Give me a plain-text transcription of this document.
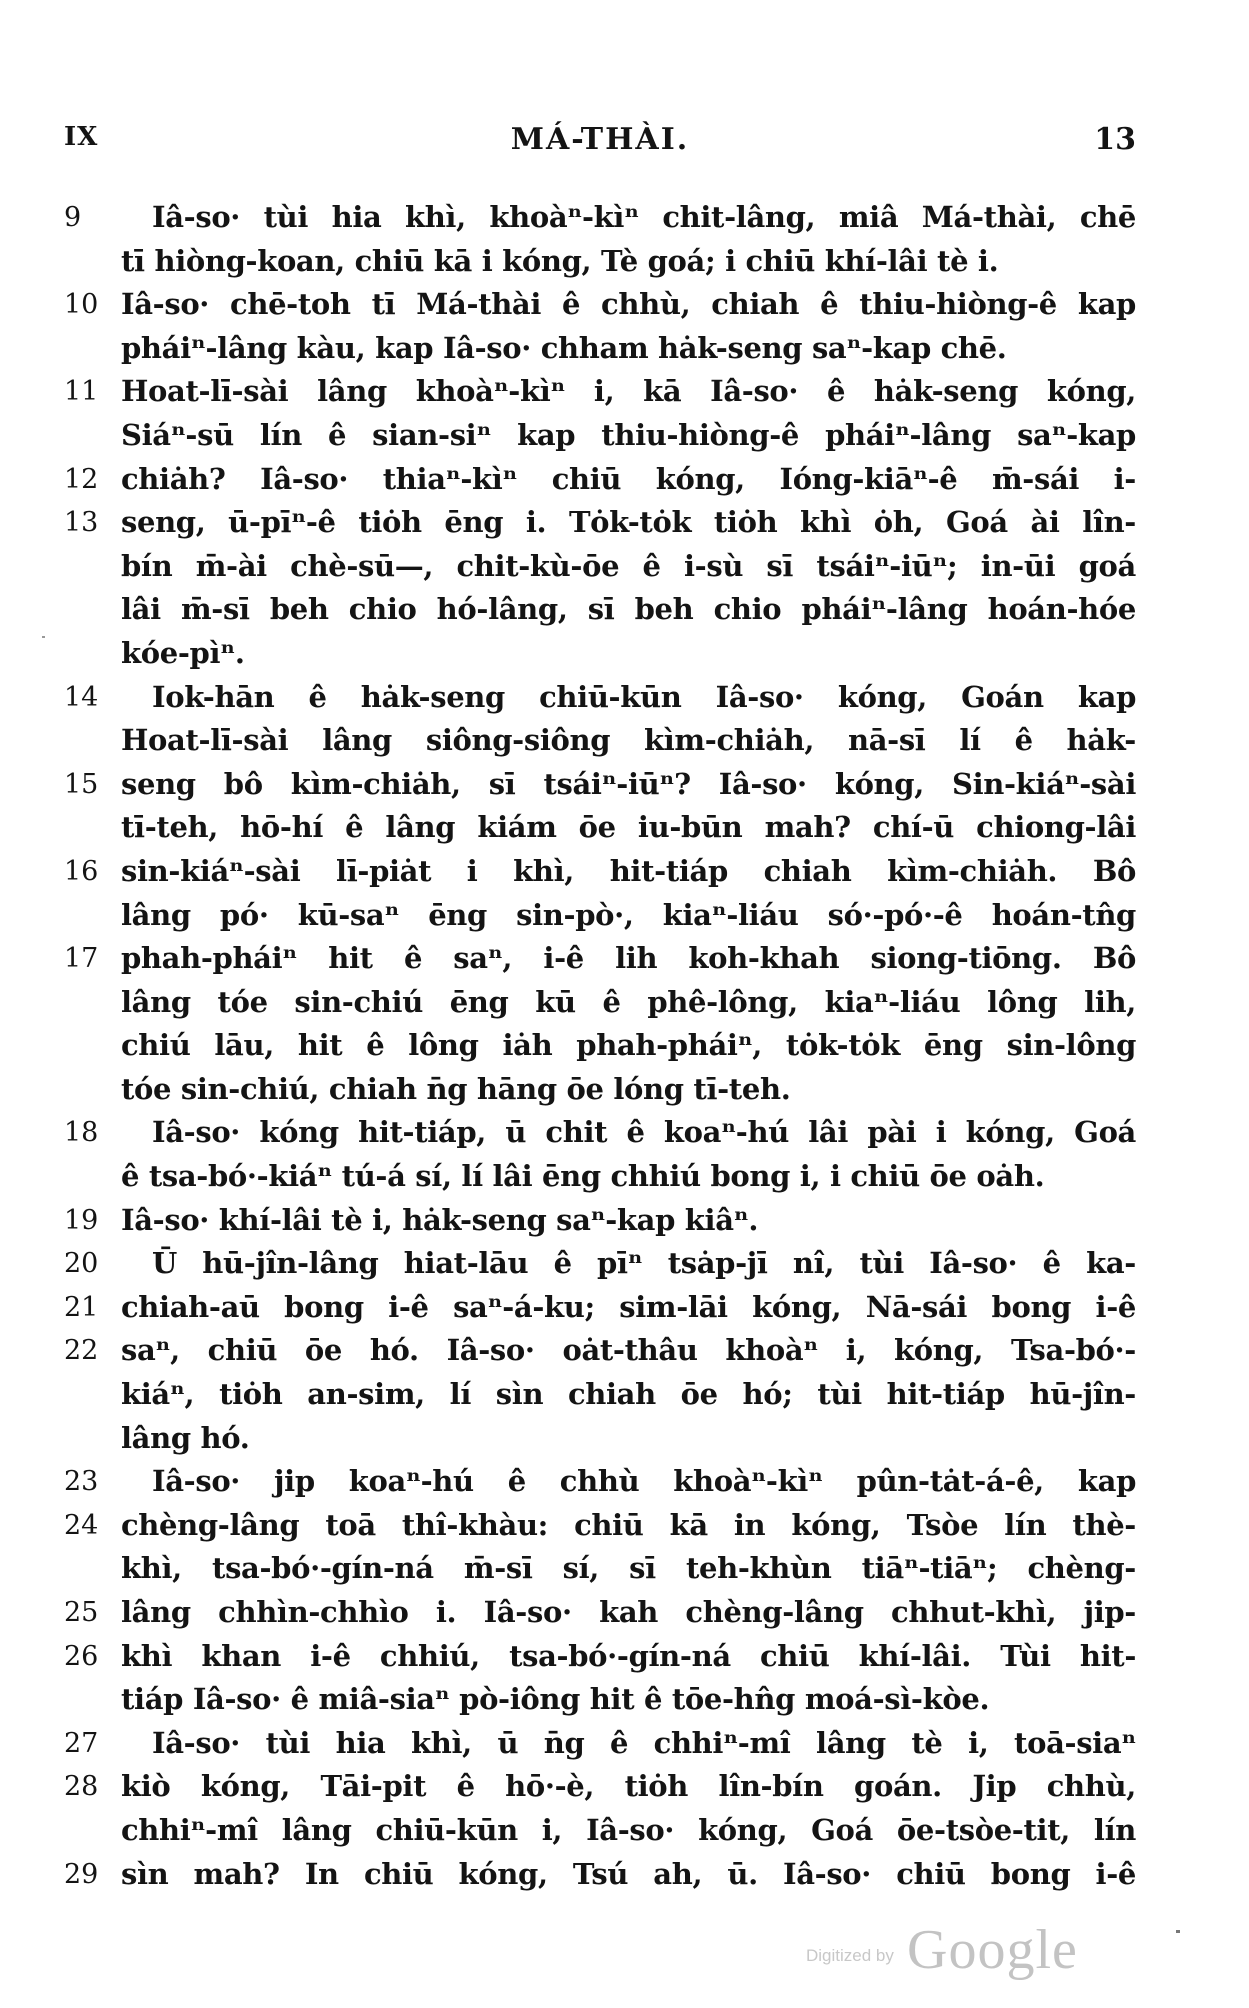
IX	MÁ-THÀI.	13
9	Iâ-so· tùi hia khì, khoàⁿ-kìⁿ chit-lâng, miâ Má-thài, chē
tī hiòng-koan, chiū kā i kóng, Tè goá; i chiū khí-lâi tè i.
10 Iâ-so· chē-toh tī Má-thài ê chhù, chiah ê thiu-hiòng-ê kap
pháiⁿ-lâng kàu, kap Iâ-so· chham hȧk-seng saⁿ-kap chē.
11 Hoat-lī-sài lâng khoàⁿ-kìⁿ i, kā Iâ-so· ê hȧk-seng kóng,
Siáⁿ-sū lín ê sian-siⁿ kap thiu-hiòng-ê pháiⁿ-lâng saⁿ-kap
12 chiȧh? Iâ-so· thiaⁿ-kìⁿ chiū kóng, Ióng-kiāⁿ-ê m̄-sái i-
13 seng, ū-pīⁿ-ê tiȯh ēng i. Tȯk-tȯk tiȯh khì ȯh, Goá ài lîn-
bín m̄-ài chè-sū—, chit-kù-ōe ê i-sù sī tsáiⁿ-iūⁿ; in-ūi goá
lâi m̄-sī beh chio hó-lâng, sī beh chio pháiⁿ-lâng hoán-hóe
kóe-pìⁿ.
14	Iok-hān ê hȧk-seng chiū-kūn Iâ-so· kóng, Goán kap
Hoat-lī-sài lâng siông-siông kìm-chiȧh, nā-sī lí ê hȧk-
15 seng bô kìm-chiȧh, sī tsáiⁿ-iūⁿ? Iâ-so· kóng, Sin-kiáⁿ-sài
tī-teh, hō-hí ê lâng kiám ōe iu-būn mah? chí-ū chiong-lâi
16 sin-kiáⁿ-sài lī-piȧt i khì, hit-tiáp chiah kìm-chiȧh. Bô
lâng pó· kū-saⁿ ēng sin-pò·, kiaⁿ-liáu só·-pó·-ê hoán-tn̂g
17 phah-pháiⁿ hit ê saⁿ, i-ê lih koh-khah siong-tiōng. Bô
lâng tóe sin-chiú ēng kū ê phê-lông, kiaⁿ-liáu lông lih,
chiú lāu, hit ê lông iȧh phah-pháiⁿ, tȯk-tȯk ēng sin-lông
tóe sin-chiú, chiah n̄g hāng ōe lóng tī-teh.
18	Iâ-so· kóng hit-tiáp, ū chit ê koaⁿ-hú lâi pài i kóng, Goá
ê tsa-bó·-kiáⁿ tú-á sí, lí lâi ēng chhiú bong i, i chiū ōe oȧh.
19 Iâ-so· khí-lâi tè i, hȧk-seng saⁿ-kap kiâⁿ.
20	Ū hū-jîn-lâng hiat-lāu ê pīⁿ tsȧp-jī nî, tùi Iâ-so· ê ka-
21 chiah-aū bong i-ê saⁿ-á-ku; sim-lāi kóng, Nā-sái bong i-ê
22 saⁿ, chiū ōe hó. Iâ-so· oȧt-thâu khoàⁿ i, kóng, Tsa-bó·-
kiáⁿ, tiȯh an-sim, lí sìn chiah ōe hó; tùi hit-tiáp hū-jîn-
lâng hó.
23	Iâ-so· jip koaⁿ-hú ê chhù khoàⁿ-kìⁿ pûn-tȧt-á-ê, kap
24 chèng-lâng toā thî-khàu: chiū kā in kóng, Tsòe lín thè-
khì, tsa-bó·-gín-ná m̄-sī sí, sī teh-khùn tiāⁿ-tiāⁿ; chèng-
25 lâng chhìn-chhìo i. Iâ-so· kah chèng-lâng chhut-khì, jip-
26 khì khan i-ê chhiú, tsa-bó·-gín-ná chiū khí-lâi. Tùi hit-
tiáp Iâ-so· ê miâ-siaⁿ pò-iông hit ê tōe-hn̂g moá-sì-kòe.
27	Iâ-so· tùi hia khì, ū n̄g ê chhiⁿ-mî lâng tè i, toā-siaⁿ
28 kiò kóng, Tāi-pit ê hō·-è, tiȯh lîn-bín goán. Jip chhù,
chhiⁿ-mî lâng chiū-kūn i, Iâ-so· kóng, Goá ōe-tsòe-tit, lín
29 sìn mah? In chiū kóng, Tsú ah, ū. Iâ-so· chiū bong i-ê
Digitized by Google
